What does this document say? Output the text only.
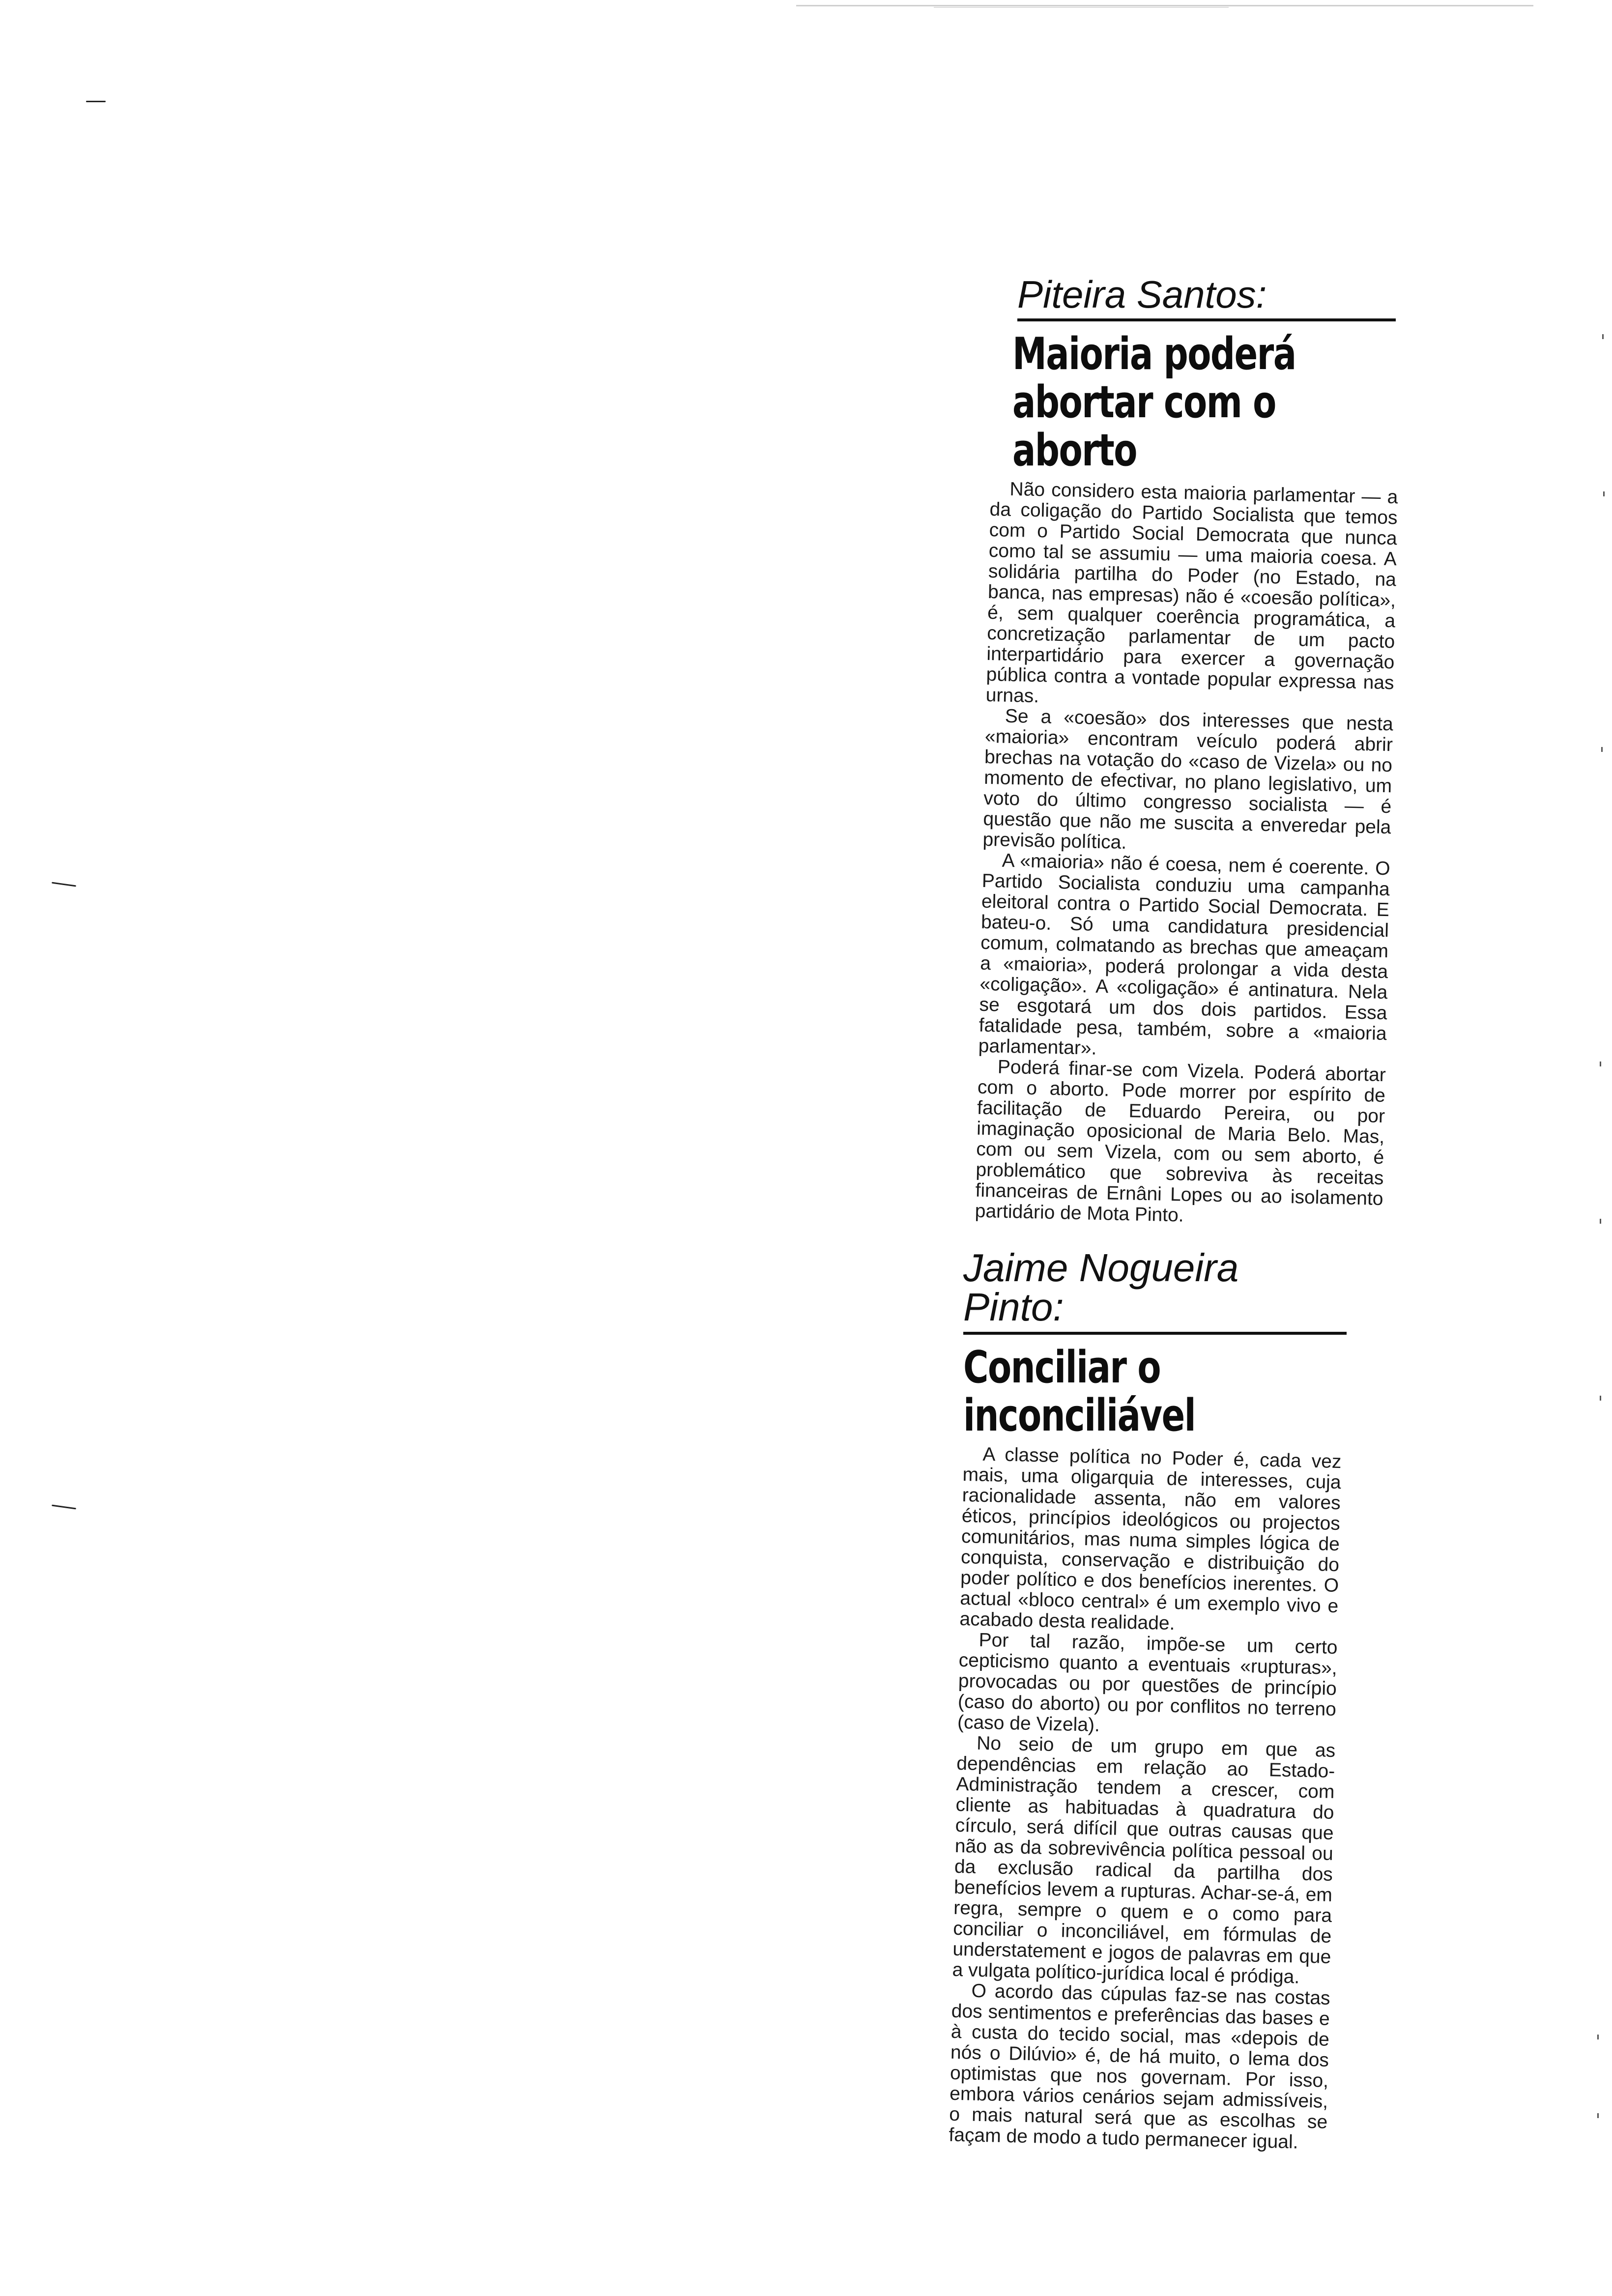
Piteira Santos:
Maioria poderá abortar com o aborto

Não considero esta maioria parlamentar — a da coligação do Partido Socialista que temos com o Partido Social Democrata que nunca como tal se assumiu — uma maioria coesa. A solidária partilha do Poder (no Estado, na banca, nas empresas) não é «coesão política», é, sem qualquer coerência programática, a concretização parlamentar de um pacto interpartidário para exercer a governação pública contra a vontade popular expressa nas urnas.

Se a «coesão» dos interesses que nesta «maioria» encontram veículo poderá abrir brechas na votação do «caso de Vizela» ou no momento de efectivar, no plano legislativo, um voto do último congresso socialista — é questão que não me suscita a enveredar pela previsão política.

A «maioria» não é coesa, nem é coerente. O Partido Socialista conduziu uma campanha eleitoral contra o Partido Social Democrata. E bateu-o. Só uma candidatura presidencial comum, colmatando as brechas que ameaçam a «maioria», poderá prolongar a vida desta «coligação». A «coligação» é antinatura. Nela se esgotará um dos dois partidos. Essa fatalidade pesa, também, sobre a «maioria parlamentar».

Poderá finar-se com Vizela. Poderá abortar com o aborto. Pode morrer por espírito de facilitação de Eduardo Pereira, ou por imaginação oposicional de Maria Belo. Mas, com ou sem Vizela, com ou sem aborto, é problemático que sobreviva às receitas financeiras de Ernâni Lopes ou ao isolamento partidário de Mota Pinto.

Jaime Nogueira Pinto:
Conciliar o inconciliável

A classe política no Poder é, cada vez mais, uma oligarquia de interesses, cuja racionalidade assenta, não em valores éticos, princípios ideológicos ou projectos comunitários, mas numa simples lógica de conquista, conservação e distribuição do poder político e dos benefícios inerentes. O actual «bloco central» é um exemplo vivo e acabado desta realidade.

Por tal razão, impõe-se um certo cepticismo quanto a eventuais «rupturas», provocadas ou por questões de princípio (caso do aborto) ou por conflitos no terreno (caso de Vizela).

No seio de um grupo em que as dependências em relação ao Estado-Administração tendem a crescer, com cliente as habituadas à quadratura do círculo, será difícil que outras causas que não as da sobrevivência política pessoal ou da exclusão radical da partilha dos benefícios levem a rupturas. Achar-se-á, em regra, sempre o quem e o como para conciliar o inconciliável, em fórmulas de understatement e jogos de palavras em que a vulgata político-jurídica local é pródiga.

O acordo das cúpulas faz-se nas costas dos sentimentos e preferências das bases e à custa do tecido social, mas «depois de nós o Dilúvio» é, de há muito, o lema dos optimistas que nos governam. Por isso, embora vários cenários sejam admissíveis, o mais natural será que as escolhas se façam de modo a tudo permanecer igual.
